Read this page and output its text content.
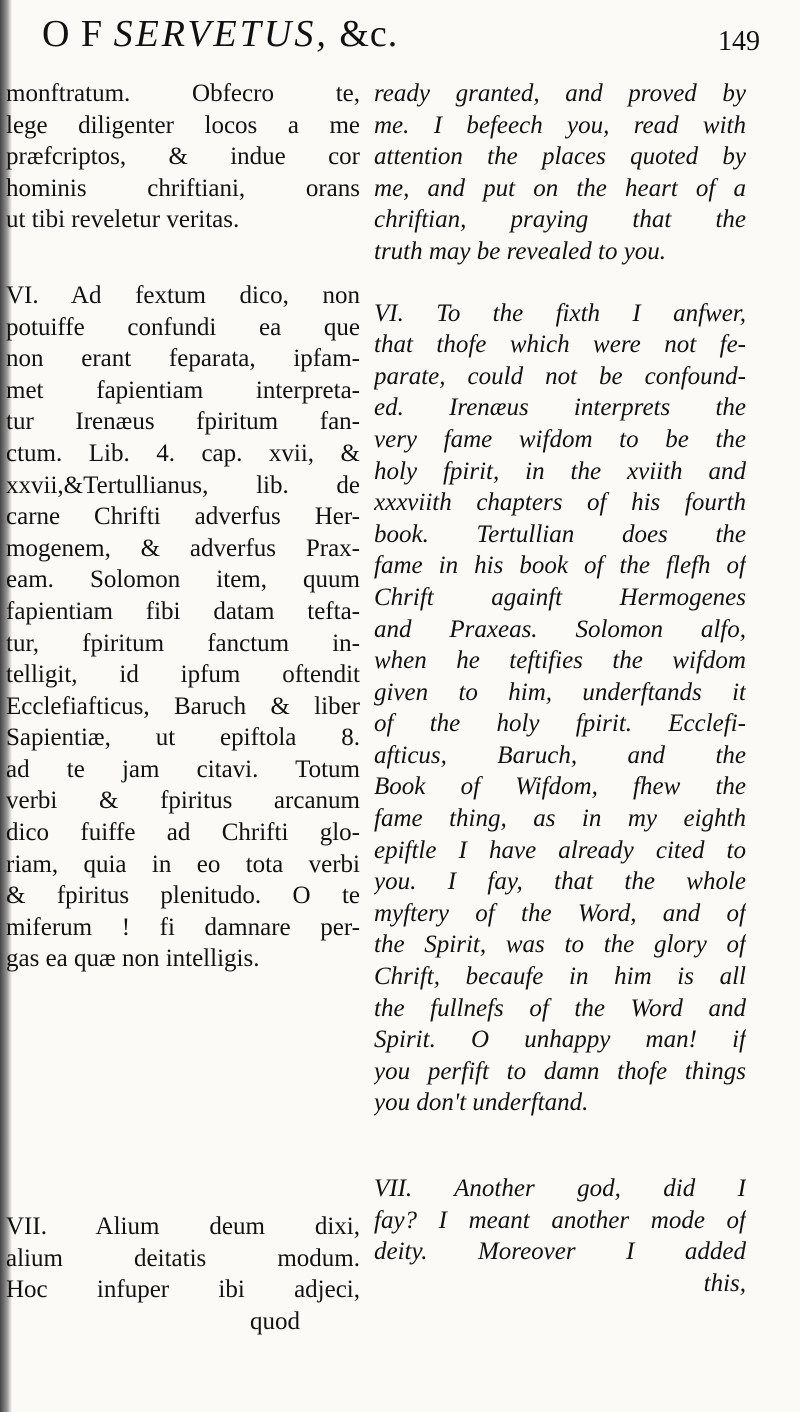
O F SERVETUS, &c.	149
monftratum. Obfecro te,
lege diligenter locos a me
præfcriptos, & indue cor
hominis chriftiani, orans
ut tibi reveletur veritas.
VI. Ad fextum dico, non
potuiffe confundi ea que
non erant feparata, ipfam-
met fapientiam interpreta-
tur Irenæus fpiritum fan-
ctum. Lib. 4. cap. xvii, &
xxvii,&Tertullianus, lib. de
carne Chrifti adverfus Her-
mogenem, & adverfus Prax-
eam. Solomon item, quum
fapientiam fibi datam tefta-
tur, fpiritum fanctum in-
telligit, id ipfum oftendit
Ecclefiafticus, Baruch & liber
Sapientiæ, ut epiftola 8.
ad te jam citavi. Totum
verbi & fpiritus arcanum
dico fuiffe ad Chrifti glo-
riam, quia in eo tota verbi
& fpiritus plenitudo. O te
miferum ! fi damnare per-
gas ea quæ non intelligis.
VII. Alium deum dixi,
alium deitatis modum.
Hoc infuper ibi adjeci,
quod
ready granted, and proved by
me. I befeech you, read with
attention the places quoted by
me, and put on the heart of a
chriftian, praying that the
truth may be revealed to you.
VI. To the fixth I anfwer,
that thofe which were not fe-
parate, could not be confound-
ed. Irenæus interprets the
very fame wifdom to be the
holy fpirit, in the xviith and
xxxviith chapters of his fourth
book. Tertullian does the
fame in his book of the flefh of
Chrift againft Hermogenes
and Praxeas. Solomon alfo,
when he teftifies the wifdom
given to him, underftands it
of the holy fpirit. Ecclefi-
afticus, Baruch, and the
Book of Wifdom, fhew the
fame thing, as in my eighth
epiftle I have already cited to
you. I fay, that the whole
myftery of the Word, and of
the Spirit, was to the glory of
Chrift, becaufe in him is all
the fullnefs of the Word and
Spirit. O unhappy man! if
you perfift to damn thofe things
you don't underftand.
VII. Another god, did I
fay? I meant another mode of
deity. Moreover I added
this,
